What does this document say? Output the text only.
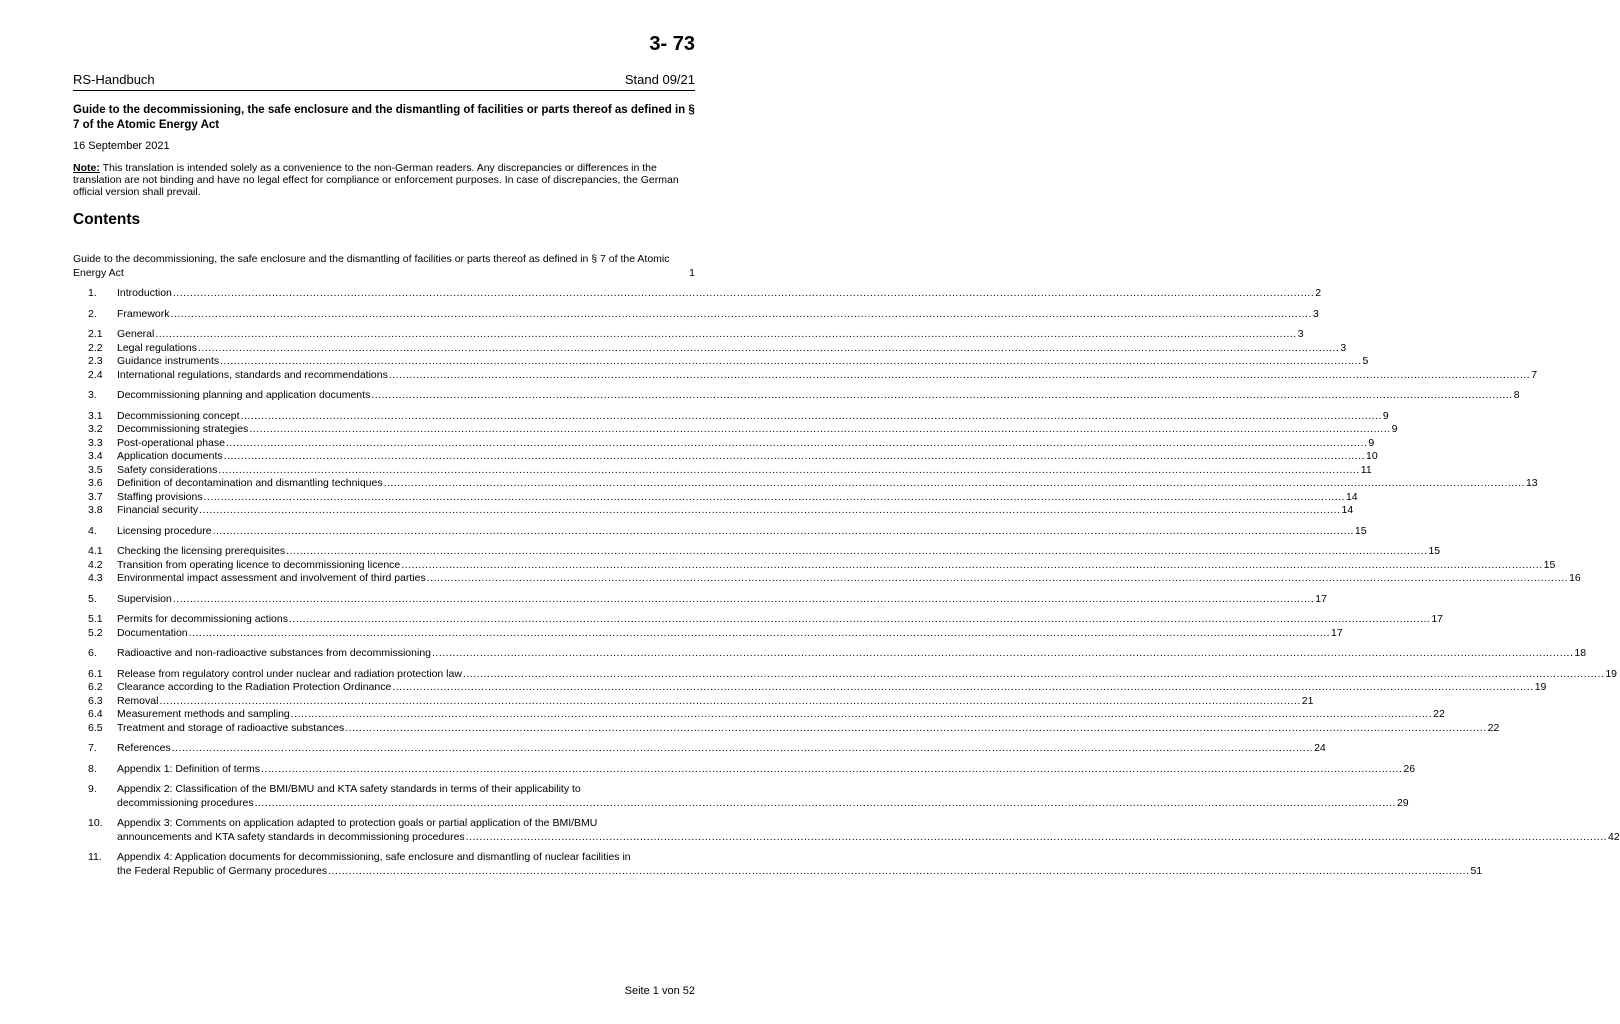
3- 73
RS-Handbuch	Stand 09/21
Guide to the decommissioning, the safe enclosure and the dismantling of facilities or parts thereof as defined in § 7 of the Atomic Energy Act
16 September 2021
Note: This translation is intended solely as a convenience to the non-German readers. Any discrepancies or differences in the translation are not binding and have no legal effect for compliance or enforcement purposes. In case of discrepancies, the German official version shall prevail.
Contents
Guide to the decommissioning, the safe enclosure and the dismantling of facilities or parts thereof as defined in § 7 of the Atomic Energy Act	1
1.	Introduction .....	2
2.	Framework .....	3
2.1	General .....	3
2.2	Legal regulations .....	3
2.3	Guidance instruments .....	5
2.4	International regulations, standards and recommendations .....	7
3.	Decommissioning planning and application documents .....	8
3.1	Decommissioning concept .....	9
3.2	Decommissioning strategies .....	9
3.3	Post-operational phase .....	9
3.4	Application documents .....	10
3.5	Safety considerations .....	11
3.6	Definition of decontamination and dismantling techniques .....	13
3.7	Staffing provisions .....	14
3.8	Financial security .....	14
4.	Licensing procedure .....	15
4.1	Checking the licensing prerequisites .....	15
4.2	Transition from operating licence to decommissioning licence .....	15
4.3	Environmental impact assessment and involvement of third parties .....	16
5.	Supervision .....	17
5.1	Permits for decommissioning actions .....	17
5.2	Documentation .....	17
6.	Radioactive and non-radioactive substances from decommissioning .....	18
6.1	Release from regulatory control under nuclear and radiation protection law .....	19
6.2	Clearance according to the Radiation Protection Ordinance .....	19
6.3	Removal .....	21
6.4	Measurement methods and sampling .....	22
6.5	Treatment and storage of radioactive substances .....	22
7.	References .....	24
8.	Appendix 1: Definition of terms .....	26
9.	Appendix 2: Classification of the BMI/BMU and KTA safety standards in terms of their applicability to
decommissioning procedures .....	29
10.	Appendix 3: Comments on application adapted to protection goals or partial application of the BMI/BMU
announcements and KTA safety standards in decommissioning procedures .....	42
11.	Appendix 4: Application documents for decommissioning, safe enclosure and dismantling of nuclear facilities in
the Federal Republic of Germany procedures .....	51
Seite 1 von 52
